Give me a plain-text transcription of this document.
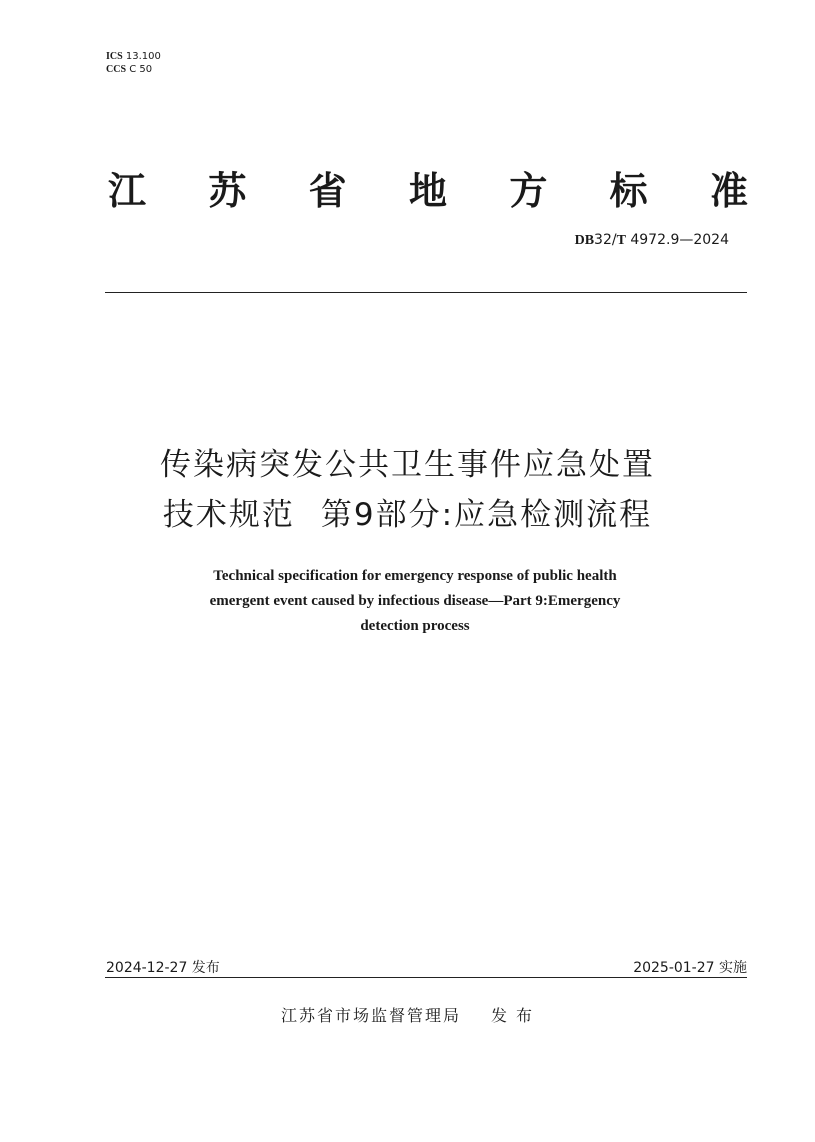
ICS 13.100
CCS C 50
江 苏 省 地 方 标 准
DB32/T 4972.9—2024
传染病突发公共卫生事件应急处置
技术规范 第9部分:应急检测流程
Technical specification for emergency response of public health
emergent event caused by infectious disease—Part 9:Emergency
detection process
2024-12-27 发布	2025-01-27 实施
江苏省市场监督管理局 发 布
